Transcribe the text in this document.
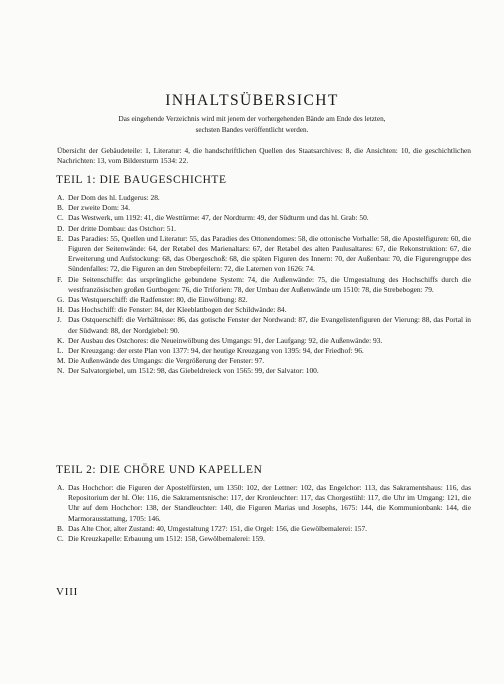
INHALTSÜBERSICHT
Das eingehende Verzeichnis wird mit jenem der vorhergehenden Bände am Ende des letzten,
sechsten Bandes veröffentlicht werden.
Übersicht der Gebäudeteile: 1, Literatur: 4, die handschriftlichen Quellen des Staatsarchives: 8, die Ansichten: 10, die geschichtlichen Nachrichten: 13, vom Bildersturm 1534: 22.
TEIL 1: DIE BAUGESCHICHTE
A. Der Dom des hl. Ludgerus: 28.
B. Der zweite Dom: 34.
C. Das Westwerk, um 1192: 41, die Westtürme: 47, der Nordturm: 49, der Südturm und das hl. Grab: 50.
D. Der dritte Dombau: das Ostchor: 51.
E. Das Paradies: 55, Quellen und Literatur: 55, das Paradies des Ottonendomes: 58, die ottonische Vorhalle: 58, die Apostelfiguren: 60, die Figuren der Seitenwände: 64, der Retabel des Marienaltars: 67, der Retabel des alten Paulusaltares: 67, die Rekonstruktion: 67, die Erweiterung und Aufstockung: 68, das Obergeschoß: 68, die späten Figuren des Innern: 70, der Außenbau: 70, die Figurengruppe des Sündenfalles: 72, die Figuren an den Strebepfeilern: 72, die Laternen von 1626: 74.
F. Die Seitenschiffe: das ursprüngliche gebundene System: 74, die Außenwände: 75, die Umgestaltung des Hochschiffs durch die westfranzösischen großen Gurtbogen: 76, die Triforien: 78, der Umbau der Außenwände um 1510: 78, die Strebebogen: 79.
G. Das Westquerschiff: die Radfenster: 80, die Einwölbung: 82.
H. Das Hochschiff: die Fenster: 84, der Kleeblattbogen der Schildwände: 84.
J. Das Ostquerschiff: die Verhältnisse: 86, das gotische Fenster der Nordwand: 87, die Evangelistenfiguren der Vierung: 88, das Portal in der Südwand: 88, der Nordgiebel: 90.
K. Der Ausbau des Ostchores: die Neueinwölbung des Umgangs: 91, der Laufgang: 92, die Außenwände: 93.
L. Der Kreuzgang: der erste Plan von 1377: 94, der heutige Kreuzgang von 1395: 94, der Friedhof: 96.
M. Die Außenwände des Umgangs: die Vergrößerung der Fenster: 97.
N. Der Salvatorgiebel, um 1512: 98, das Giebeldreieck von 1565: 99, der Salvator: 100.
TEIL 2: DIE CHÖRE UND KAPELLEN
A. Das Hochchor: die Figuren der Apostelfürsten, um 1350: 102, der Lettner: 102, das Engelchor: 113, das Sakramentshaus: 116, das Repositorium der hl. Öle: 116, die Sakramentsnische: 117, der Kronleuchter: 117, das Chorgestühl: 117, die Uhr im Umgang: 121, die Uhr auf dem Hochchor: 138, der Standleuchter: 140, die Figuren Marias und Josephs, 1675: 144, die Kommunionbank: 144, die Marmorausstattung, 1705: 146.
B. Das Alte Chor, alter Zustand: 40, Umgestaltung 1727: 151, die Orgel: 156, die Gewölbemalerei: 157.
C. Die Kreuzkapelle: Erbauung um 1512: 158, Gewölbemalerei: 159.
VIII
